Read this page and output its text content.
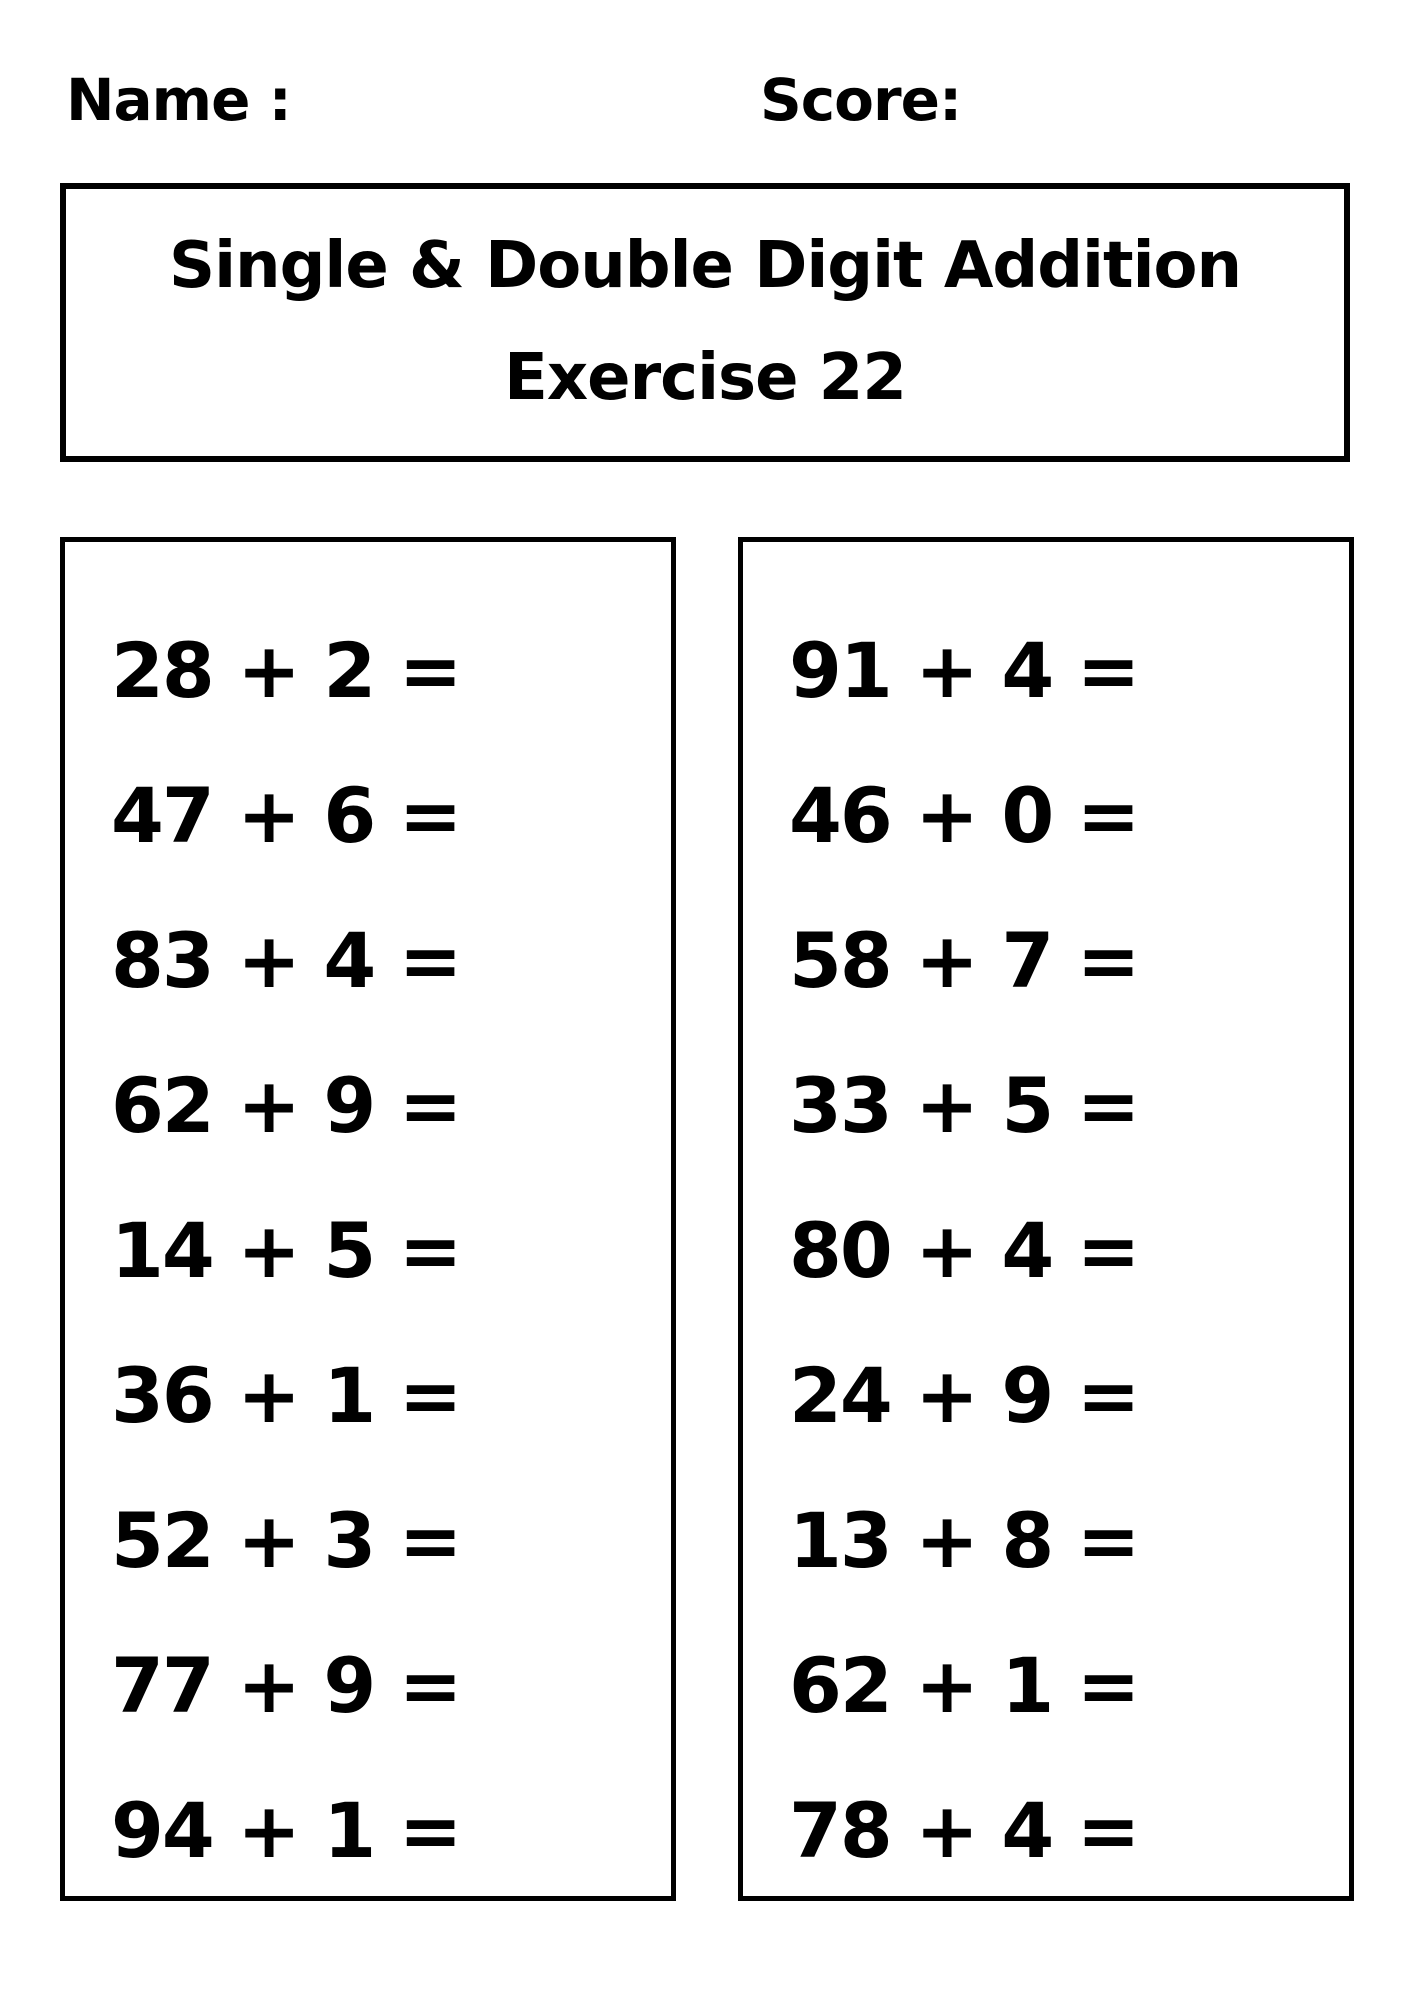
Name :	Score:
Single & Double Digit Addition
Exercise 22
28 + 2 =
47 + 6 =
83 + 4 =
62 + 9 =
14 + 5 =
36 + 1 =
52 + 3 =
77 + 9 =
94 + 1 =
91 + 4 =
46 + 0 =
58 + 7 =
33 + 5 =
80 + 4 =
24 + 9 =
13 + 8 =
62 + 1 =
78 + 4 =
